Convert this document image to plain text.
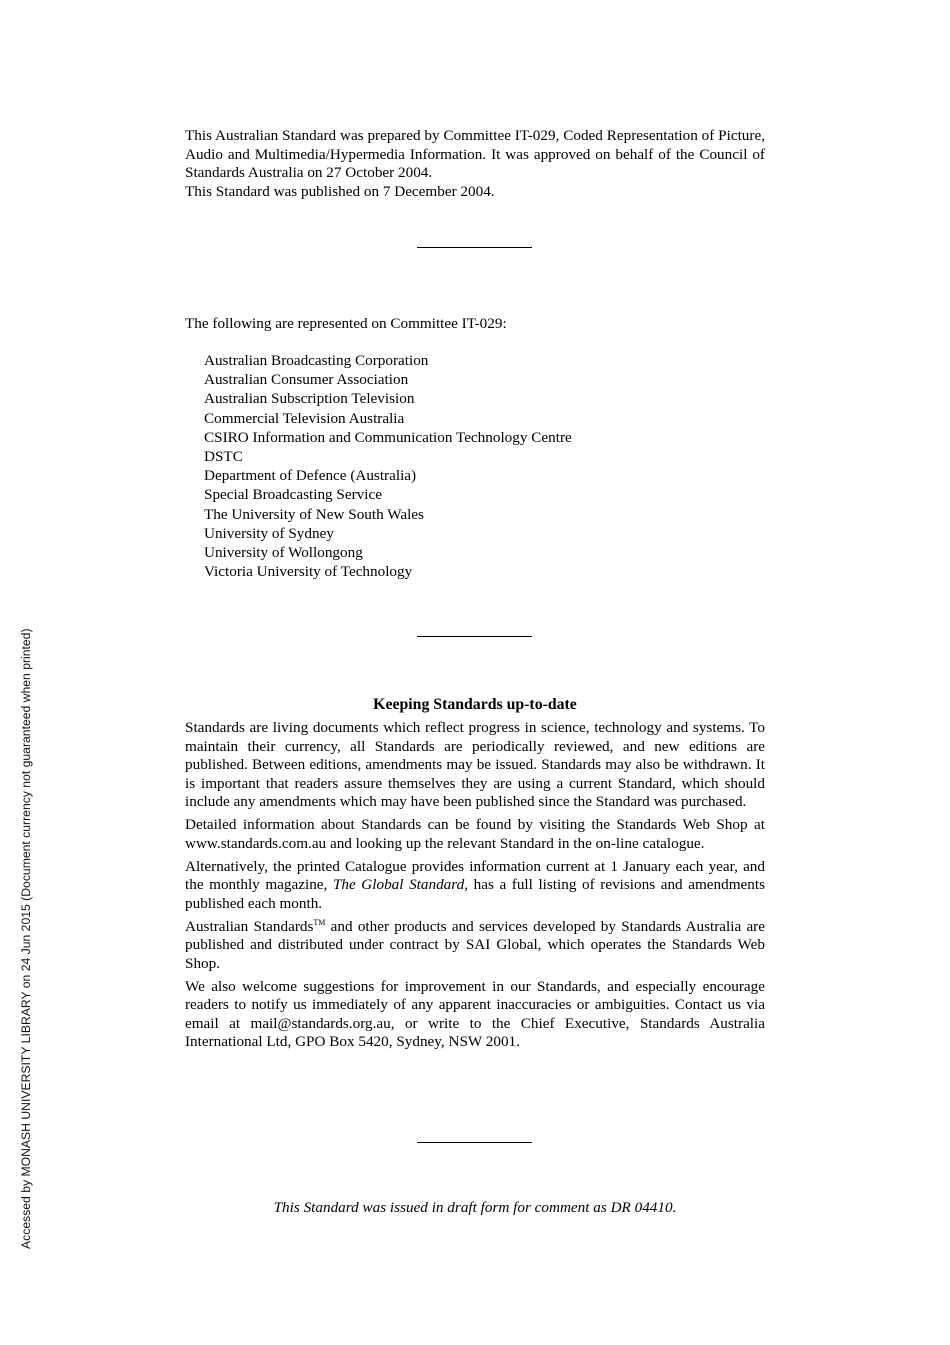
Accessed by MONASH UNIVERSITY LIBRARY on 24 Jun 2015 (Document currency not guaranteed when printed)

This Australian Standard was prepared by Committee IT-029, Coded Representation of Picture, Audio and Multimedia/Hypermedia Information. It was approved on behalf of the Council of Standards Australia on 27 October 2004.

This Standard was published on 7 December 2004.

The following are represented on Committee IT-029:
Australian Broadcasting Corporation
Australian Consumer Association
Australian Subscription Television
Commercial Television Australia
CSIRO Information and Communication Technology Centre
DSTC
Department of Defence (Australia)
Special Broadcasting Service
The University of New South Wales
University of Sydney
University of Wollongong
Victoria University of Technology
Keeping Standards up-to-date

Standards are living documents which reflect progress in science, technology and systems. To maintain their currency, all Standards are periodically reviewed, and new editions are published. Between editions, amendments may be issued. Standards may also be withdrawn. It is important that readers assure themselves they are using a current Standard, which should include any amendments which may have been published since the Standard was purchased.

Detailed information about Standards can be found by visiting the Standards Web Shop at www.standards.com.au and looking up the relevant Standard in the on-line catalogue.

Alternatively, the printed Catalogue provides information current at 1 January each year, and the monthly magazine, The Global Standard, has a full listing of revisions and amendments published each month.

Australian Standards™ and other products and services developed by Standards Australia are published and distributed under contract by SAI Global, which operates the Standards Web Shop.

We also welcome suggestions for improvement in our Standards, and especially encourage readers to notify us immediately of any apparent inaccuracies or ambiguities. Contact us via email at mail@standards.org.au, or write to the Chief Executive, Standards Australia International Ltd, GPO Box 5420, Sydney, NSW 2001.

This Standard was issued in draft form for comment as DR 04410.
